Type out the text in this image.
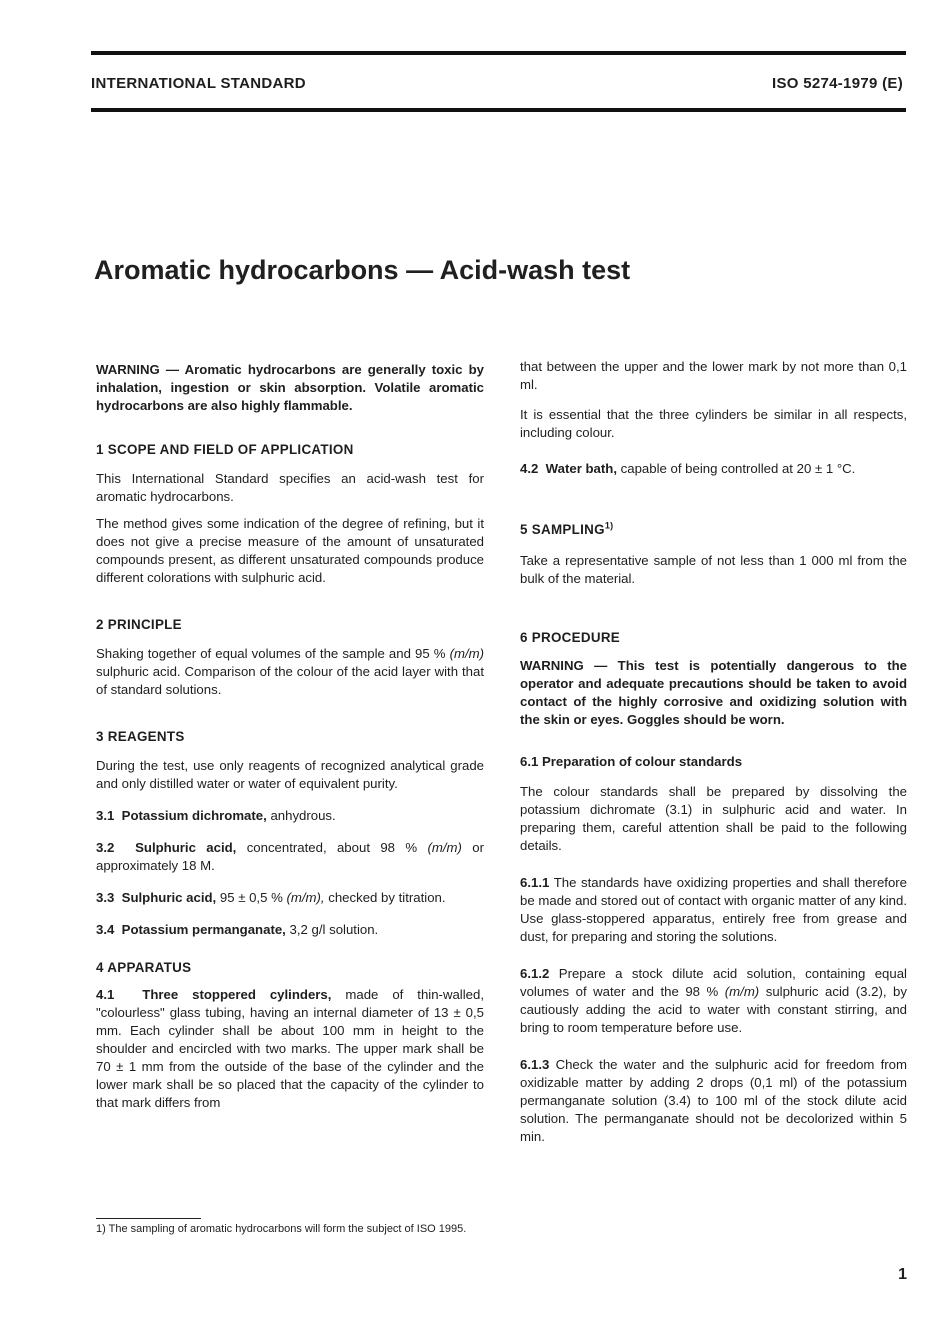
INTERNATIONAL STANDARD	ISO 5274-1979 (E)
Aromatic hydrocarbons — Acid-wash test

WARNING — Aromatic hydrocarbons are generally toxic by inhalation, ingestion or skin absorption. Volatile aromatic hydrocarbons are also highly flammable.

1 SCOPE AND FIELD OF APPLICATION

This International Standard specifies an acid-wash test for aromatic hydrocarbons.

The method gives some indication of the degree of refining, but it does not give a precise measure of the amount of unsaturated compounds present, as different unsaturated compounds produce different colorations with sulphuric acid.

2 PRINCIPLE

Shaking together of equal volumes of the sample and 95 % (m/m) sulphuric acid. Comparison of the colour of the acid layer with that of standard solutions.

3 REAGENTS

During the test, use only reagents of recognized analytical grade and only distilled water or water of equivalent purity.

3.1 Potassium dichromate, anhydrous.

3.2 Sulphuric acid, concentrated, about 98 % (m/m) or approximately 18 M.

3.3 Sulphuric acid, 95 ± 0,5 % (m/m), checked by titration.

3.4 Potassium permanganate, 3,2 g/l solution.

4 APPARATUS

4.1 Three stoppered cylinders, made of thin-walled, "colourless" glass tubing, having an internal diameter of 13 ± 0,5 mm. Each cylinder shall be about 100 mm in height to the shoulder and encircled with two marks. The upper mark shall be 70 ± 1 mm from the outside of the base of the cylinder and the lower mark shall be so placed that the capacity of the cylinder to that mark differs from

that between the upper and the lower mark by not more than 0,1 ml.

It is essential that the three cylinders be similar in all respects, including colour.

4.2 Water bath, capable of being controlled at 20 ± 1 °C.

5 SAMPLING$^{1)}$

Take a representative sample of not less than 1 000 ml from the bulk of the material.

6 PROCEDURE

WARNING — This test is potentially dangerous to the operator and adequate precautions should be taken to avoid contact of the highly corrosive and oxidizing solution with the skin or eyes. Goggles should be worn.

6.1 Preparation of colour standards

The colour standards shall be prepared by dissolving the potassium dichromate (3.1) in sulphuric acid and water. In preparing them, careful attention shall be paid to the following details.

6.1.1 The standards have oxidizing properties and shall therefore be made and stored out of contact with organic matter of any kind. Use glass-stoppered apparatus, entirely free from grease and dust, for preparing and storing the solutions.

6.1.2 Prepare a stock dilute acid solution, containing equal volumes of water and the 98 % (m/m) sulphuric acid (3.2), by cautiously adding the acid to water with constant stirring, and bring to room temperature before use.

6.1.3 Check the water and the sulphuric acid for freedom from oxidizable matter by adding 2 drops (0,1 ml) of the potassium permanganate solution (3.4) to 100 ml of the stock dilute acid solution. The permanganate should not be decolorized within 5 min.

1) The sampling of aromatic hydrocarbons will form the subject of ISO 1995.
1
